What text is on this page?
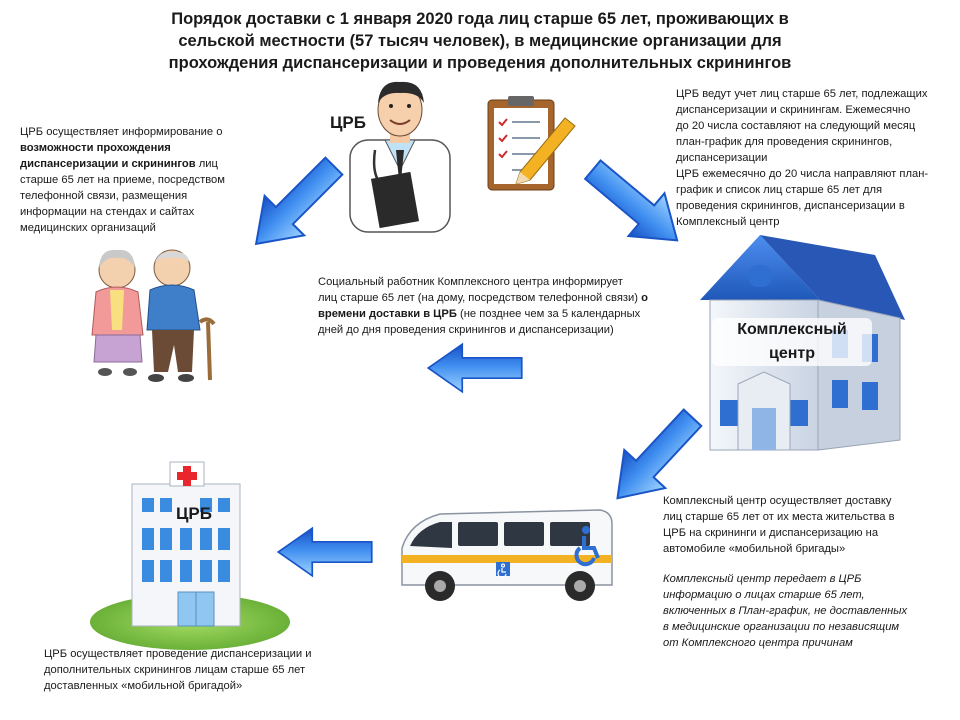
Порядок доставки с 1 января 2020 года лиц старше 65 лет, проживающих в
сельской местности (57 тысяч человек), в медицинские организации для
прохождения диспансеризации и проведения дополнительных скринингов
ЦРБ
Комплексный
центр
ЦРБ
ЦРБ осуществляет информирование о
возможности прохождения
диспансеризации и скринингов лиц
старше 65 лет на приеме, посредством
телефонной связи, размещения
информации на стендах и сайтах
медицинских организаций
ЦРБ ведут учет лиц старше 65 лет, подлежащих
диспансеризации и скринингам. Ежемесячно
до 20 числа составляют на следующий месяц
план-график для проведения скринингов,
диспансеризации
ЦРБ ежемесячно до 20 числа направляют план-
график и список лиц старше 65 лет для
проведения скринингов, диспансеризации в
Комплексный центр
Социальный работник Комплексного центра информирует
лиц старше 65 лет (на дому, посредством телефонной связи) о
времени доставки в ЦРБ (не позднее чем за 5 календарных
дней до дня проведения скринингов и диспансеризации)
Комплексный центр осуществляет доставку
лиц старше 65 лет от их места жительства в
ЦРБ на скрининги и диспансеризацию на
автомобиле «мобильной бригады»
Комплексный центр передает в ЦРБ
информацию о лицах старше 65 лет,
включенных в План-график, не доставленных
в медицинские организации по независящим
от Комплексного центра причинам
ЦРБ осуществляет проведение диспансеризации и
дополнительных скринингов лицам старше 65 лет
доставленных «мобильной бригадой»
